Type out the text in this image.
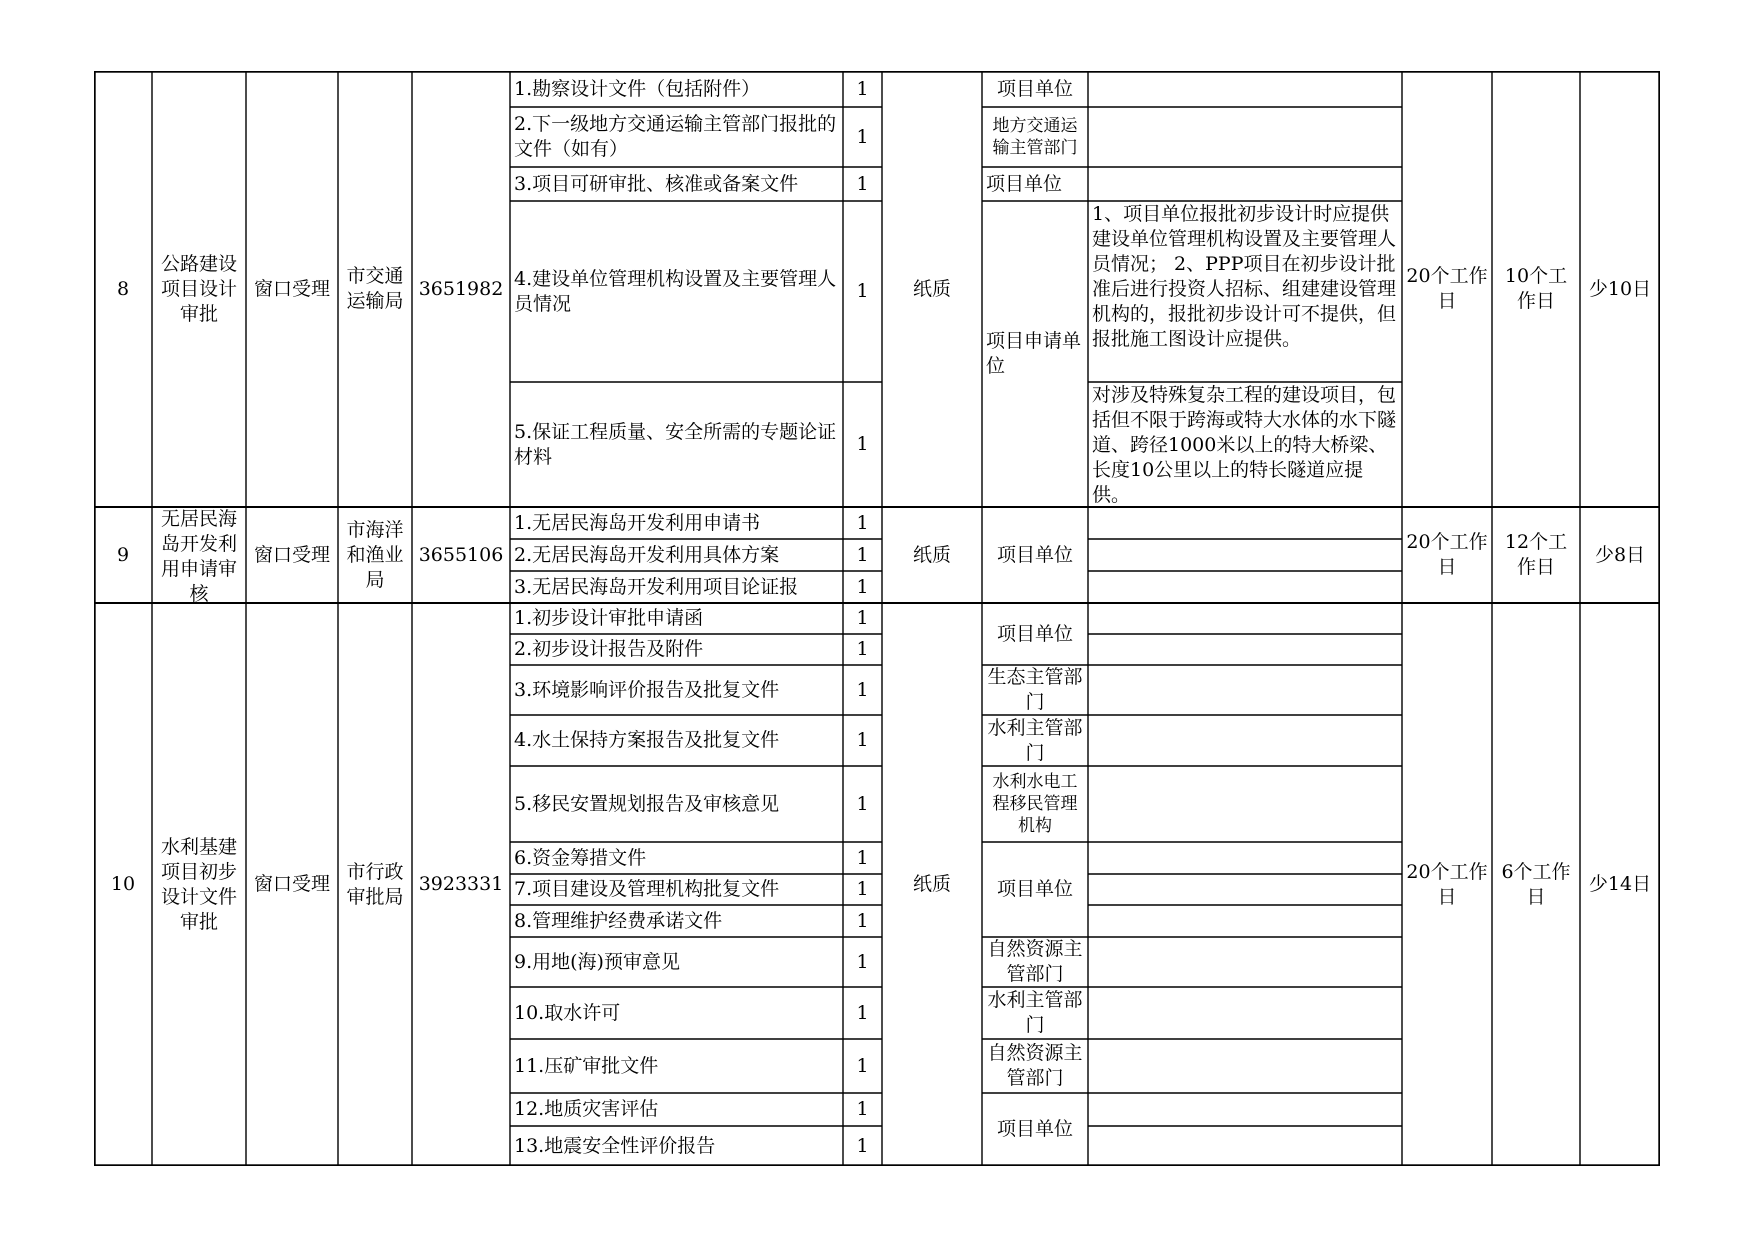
8
公路建设项目设计审批
窗口受理
市交通运输局
3651982
1.勘察设计文件（包括附件）
2.下一级地方交通运输主管部门报批的文件（如有）
3.项目可研审批、核准或备案文件
4.建设单位管理机构设置及主要管理人员情况
5.保证工程质量、安全所需的专题论证材料
1
1
1
1
1
纸质
项目单位
地方交通运输主管部门
项目单位
项目申请单位
1、项目单位报批初步设计时应提供建设单位管理机构设置及主要管理人员情况； 2、PPP项目在初步设计批准后进行投资人招标、组建建设管理机构的，报批初步设计可不提供，但报批施工图设计应提供。
对涉及特殊复杂工程的建设项目，包括但不限于跨海或特大水体的水下隧道、跨径1000米以上的特大桥梁、长度10公里以上的特长隧道应提供。
20个工作日
10个工作日
少10日
9
无居民海岛开发利用申请审核
窗口受理
市海洋和渔业局
3655106
1.无居民海岛开发利用申请书
2.无居民海岛开发利用具体方案
3.无居民海岛开发利用项目论证报
1
1
1
纸质	项目单位
20个工作日
12个工作日
少8日
10
水利基建项目初步设计文件审批
窗口受理
市行政审批局
3923331
1.初步设计审批申请函
2.初步设计报告及附件
3.环境影响评价报告及批复文件
4.水土保持方案报告及批复文件
5.移民安置规划报告及审核意见
6.资金筹措文件
7.项目建设及管理机构批复文件
8.管理维护经费承诺文件
9.用地(海)预审意见
10.取水许可
11.压矿审批文件
12.地质灾害评估
13.地震安全性评价报告
1
1
1
1
1
1
1
1
1
1
1
1
1
纸质
项目单位
生态主管部门
水利主管部门
水利水电工程移民管理机构
项目单位
自然资源主管部门
水利主管部门
自然资源主管部门
项目单位
20个工作日
6个工作日
少14日
